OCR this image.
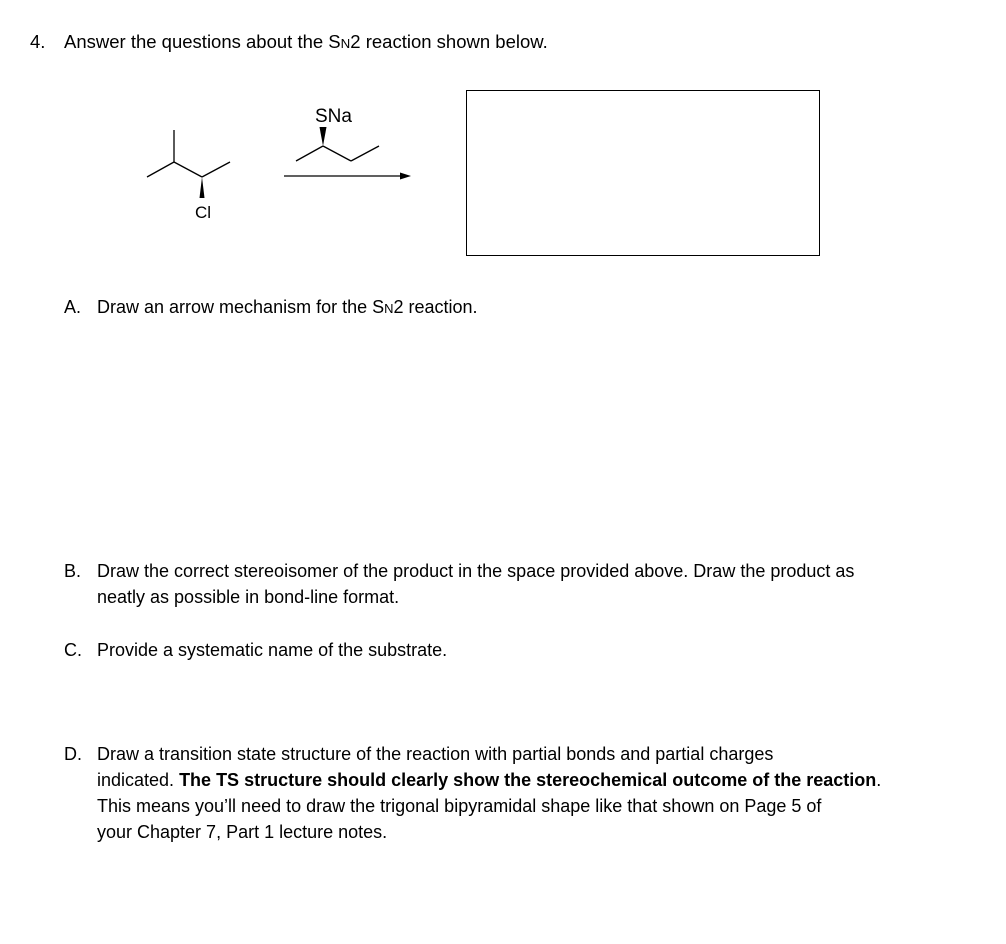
4. Answer the questions about the SN2 reaction shown below.
Cl
SNa
A. Draw an arrow mechanism for the SN2 reaction.
B. Draw the correct stereoisomer of the product in the space provided above. Draw the product as
neatly as possible in bond-line format.
C. Provide a systematic name of the substrate.
D. Draw a transition state structure of the reaction with partial bonds and partial charges
indicated. The TS structure should clearly show the stereochemical outcome of the reaction.
This means you’ll need to draw the trigonal bipyramidal shape like that shown on Page 5 of
your Chapter 7, Part 1 lecture notes.
